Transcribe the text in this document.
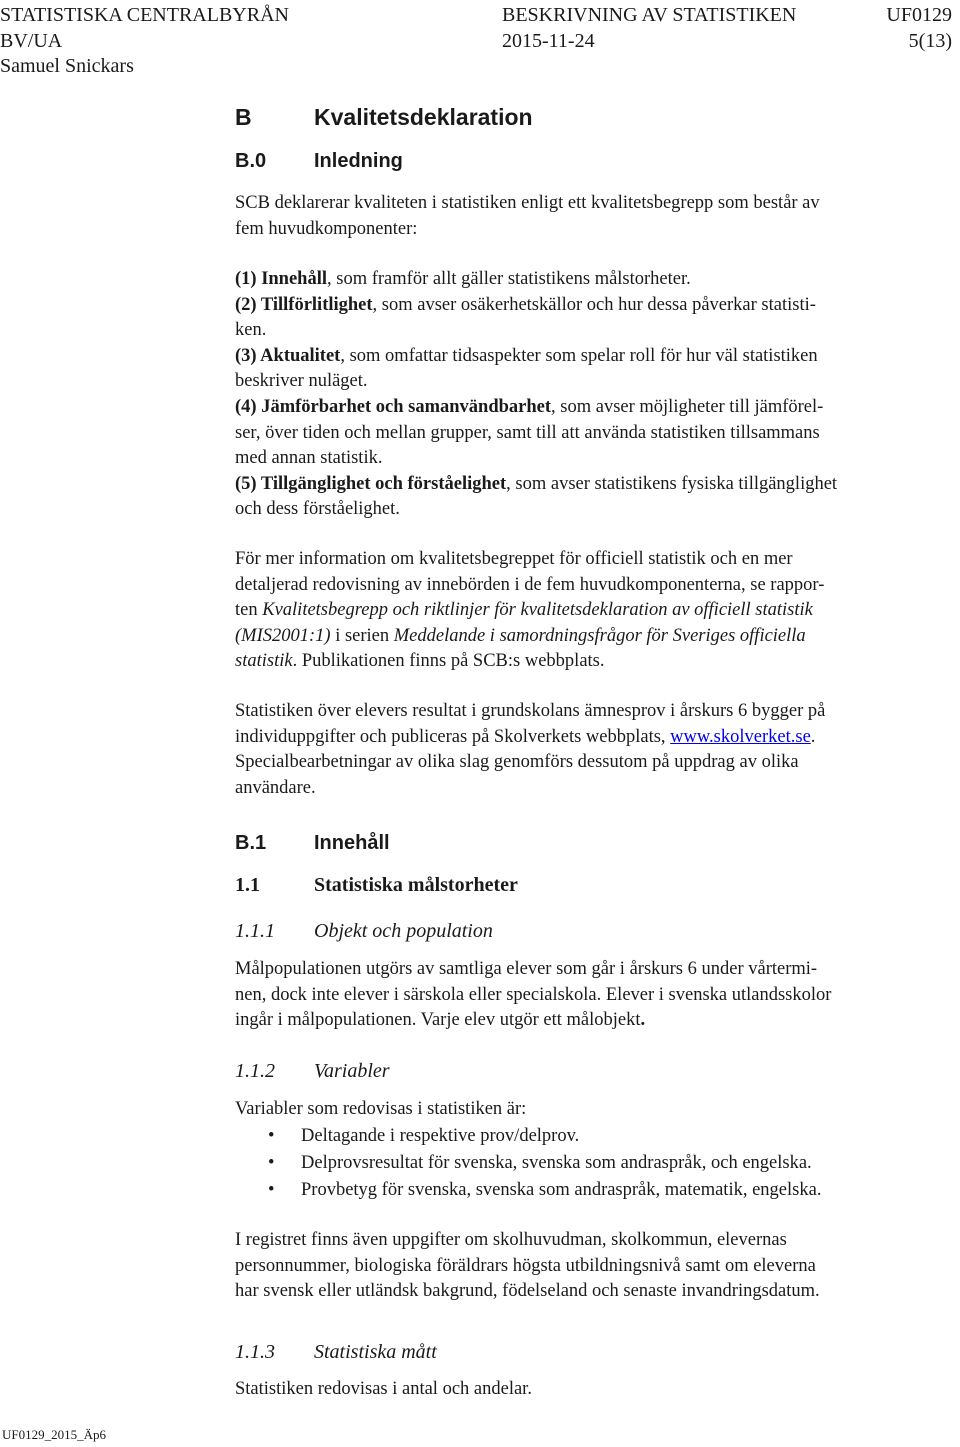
STATISTISKA CENTRALBYRÅN	BESKRIVNING AV STATISTIKEN	UF0129
BV/UA	2015-11-24	5(13)
Samuel Snickars
B	Kvalitetsdeklaration
B.0 Inledning
SCB deklarerar kvaliteten i statistiken enligt ett kvalitetsbegrepp som består av
fem huvudkomponenter:
(1) Innehåll, som framför allt gäller statistikens målstorheter.
(2) Tillförlitlighet, som avser osäkerhetskällor och hur dessa påverkar statisti-
ken.
(3) Aktualitet, som omfattar tidsaspekter som spelar roll för hur väl statistiken
beskriver nuläget.
(4) Jämförbarhet och samanvändbarhet, som avser möjligheter till jämförel-
ser, över tiden och mellan grupper, samt till att använda statistiken tillsammans
med annan statistik.
(5) Tillgänglighet och förståelighet, som avser statistikens fysiska tillgänglighet
och dess förståelighet.
För mer information om kvalitetsbegreppet för officiell statistik och en mer
detaljerad redovisning av innebörden i de fem huvudkomponenterna, se rappor-
ten Kvalitetsbegrepp och riktlinjer för kvalitetsdeklaration av officiell statistik
(MIS2001:1) i serien Meddelande i samordningsfrågor för Sveriges officiella
statistik. Publikationen finns på SCB:s webbplats.
Statistiken över elevers resultat i grundskolans ämnesprov i årskurs 6 bygger på
individuppgifter och publiceras på Skolverkets webbplats, www.skolverket.se.
Specialbearbetningar av olika slag genomförs dessutom på uppdrag av olika
användare.
B.1 Innehåll
1.1	Statistiska målstorheter
1.1.1 Objekt och population
Målpopulationen utgörs av samtliga elever som går i årskurs 6 under vårtermi-
nen, dock inte elever i särskola eller specialskola. Elever i svenska utlandsskolor
ingår i målpopulationen. Varje elev utgör ett målobjekt.
1.1.2 Variabler
Variabler som redovisas i statistiken är:
• Deltagande i respektive prov/delprov.
• Delprovsresultat för svenska, svenska som andraspråk, och engelska.
• Provbetyg för svenska, svenska som andraspråk, matematik, engelska.
I registret finns även uppgifter om skolhuvudman, skolkommun, elevernas
personnummer, biologiska föräldrars högsta utbildningsnivå samt om eleverna
har svensk eller utländsk bakgrund, födelseland och senaste invandringsdatum.
1.1.3 Statistiska mått
Statistiken redovisas i antal och andelar.
UF0129_2015_Äp6
